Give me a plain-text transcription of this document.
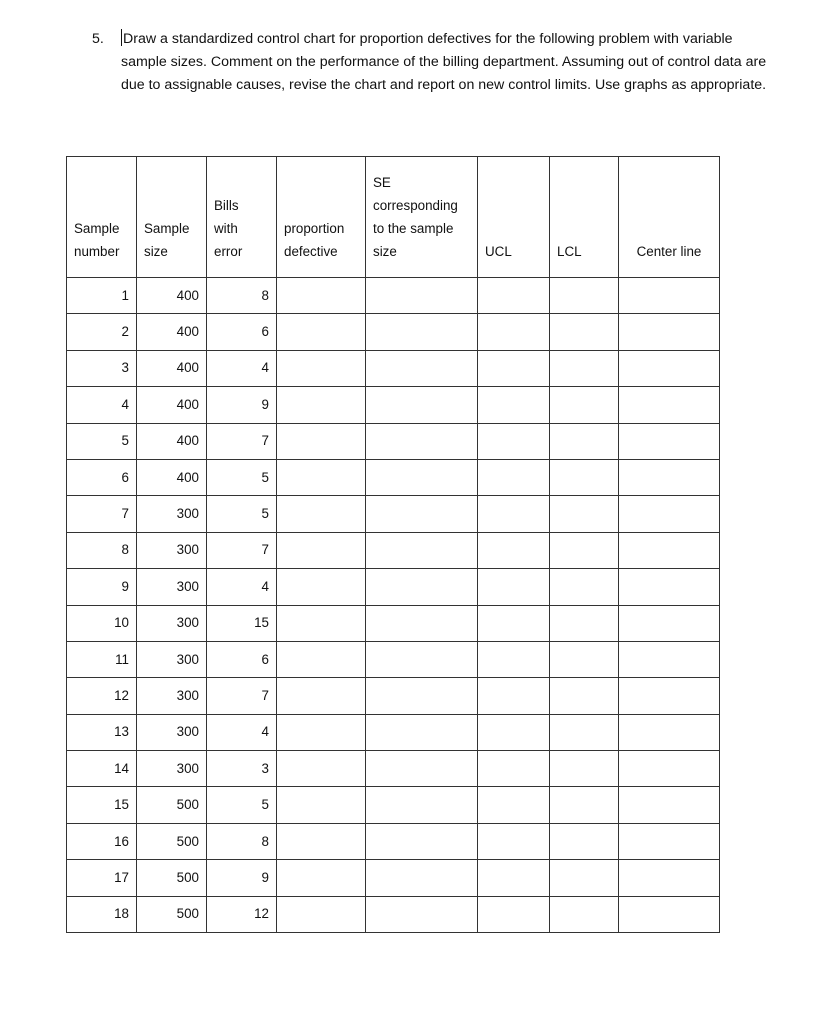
5. Draw a standardized control chart for proportion defectives for the following problem with variable sample sizes. Comment on the performance of the billing department. Assuming out of control data are due to assignable causes, revise the chart and report on new control limits. Use graphs as appropriate.
Sample
number	Sample
size	Bills
with
error	proportion
defective	SE
corresponding
to the sample
size	UCL	LCL	Center line
1	400	8					
2	400	6					
3	400	4					
4	400	9					
5	400	7					
6	400	5					
7	300	5					
8	300	7					
9	300	4					
10	300	15					
11	300	6					
12	300	7					
13	300	4					
14	300	3					
15	500	5					
16	500	8					
17	500	9					
18	500	12					
